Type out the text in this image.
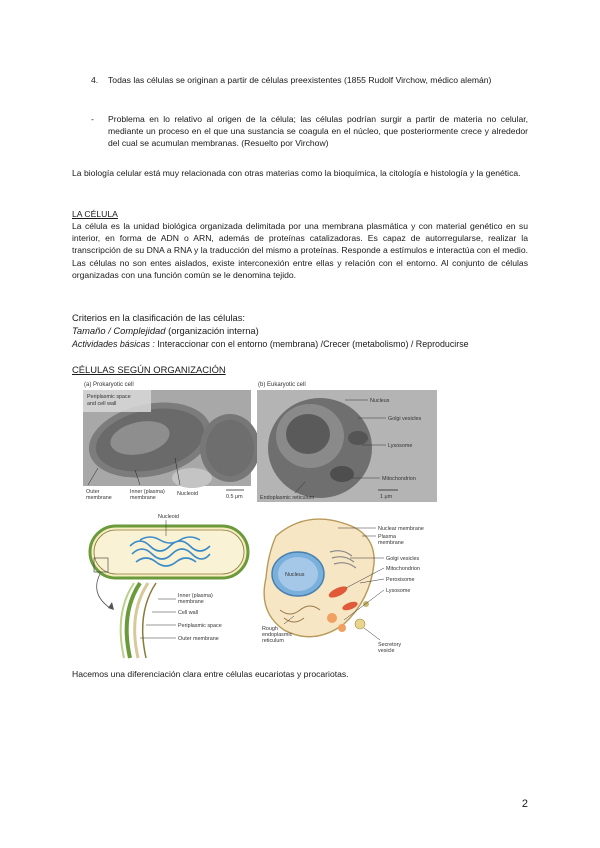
4. Todas las células se originan a partir de células preexistentes (1855 Rudolf Virchow, médico alemán)
- Problema en lo relativo al origen de la célula; las células podrían surgir a partir de materia no celular, mediante un proceso en el que una sustancia se coagula en el núcleo, que posteriormente crece y alrededor del cual se acumulan membranas. (Resuelto por Virchow)
La biología celular está muy relacionada con otras materias como la bioquímica, la citología e histología y la genética.
LA CÉLULA
La célula es la unidad biológica organizada delimitada por una membrana plasmática y con material genético en su interior, en forma de ADN o ARN, además de proteínas catalizadoras. Es capaz de autorregularse, realizar la transcripción de su DNA a RNA y la traducción del mismo a proteínas. Responde a estímulos e interactúa con el medio. Las células no son entes aislados, existe interconexión entre ellas y relación con el entorno. Al conjunto de células organizadas con una función común se le denomina tejido.
Criterios en la clasificación de las células:
Tamaño / Complejidad (organización interna)
Actividades básicas : Interaccionar con el entorno (membrana) /Crecer (metabolismo) / Reproducirse
CÉLULAS SEGÚN ORGANIZACIÓN
(a) Prokaryotic cell
Periplasmic space
and cell wall
Outer
membrane
Inner (plasma)
membrane
Nucleoid	0.5 μm
(b) Eukaryotic cell
Nucleus
Golgi vesicles
Lysosome
Mitochondrion
Endoplasmic reticulum	1 μm
Nucleoid
Inner (plasma)
membrane
Cell wall
Periplasmic space
Outer membrane
Nucleus
Nuclear membrane
Plasma
membrane
Golgi vesicles
Mitochondrion
Peroxisome
Lysosome
Rough
endoplasmic
reticulum
Secretory
vesicle
Hacemos una diferenciación clara entre células eucariotas y procariotas.
2
